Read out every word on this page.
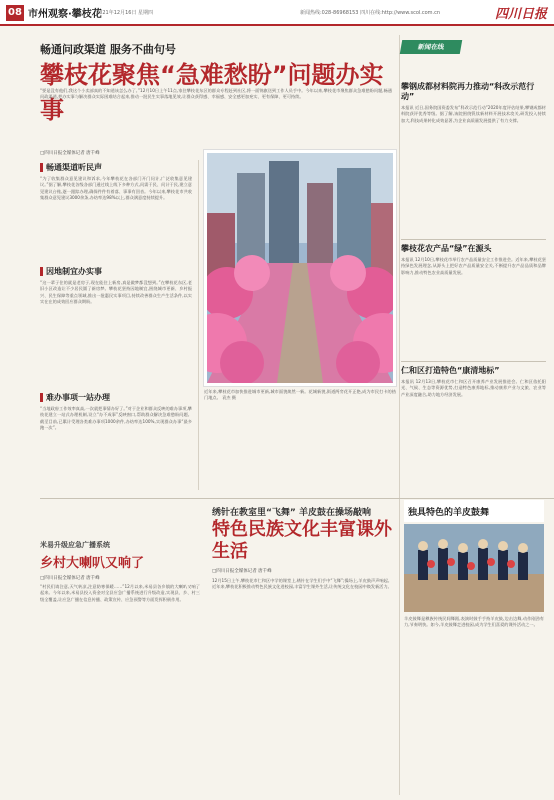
08 市州观察·攀枝花
2021年12月16日 星期四	新闻热线:028-86968153 四川在线:http://www.scol.com.cn	四川日报
畅通问政渠道 服务不曲句号
攀枝花聚焦“急难愁盼”问题办实事
“要是没有他们,我这个小卖部真的不知道该怎么办了。”12月10日上午11点,家住攀枝花东区的群众专程赶到社区,将一面锦旗送到工作人员手中。今年以来,攀枝花市聚焦群众急难愁盼问题,畅通问政渠道,把办实事与解决群众实际困难结合起来,推动一批民生实事落地见效,让群众获得感、幸福感、安全感更加充实、更有保障、更可持续。
□四川日报全媒体记者 唐千峰
畅通渠道听民声
“为了收集群众意见建议和诉求,今年攀枝花在各部门开门问计,广泛收集意见建议。”据了解,攀枝花各级各部门通过线上线下多种方式,问需于民、问计于民,建立意见建议台账,逐一跟踪办理,确保件件有着落、事事有回音。今年以来,攀枝花市共收集群众意见建议3000余条,办结率达98%以上,群众满意度持续提升。
因地制宜办实事
“这一辈子住的就是老房子,现在能住上新房,真是做梦都没想到。”在攀枝花东区,老旧小区改造让不少居民圆了新房梦。攀枝花坚持因地制宜,围绕城市更新、乡村振兴、民生保障等重点领域,推出一批惠民实事项目,持续改善群众生产生活条件,以实实在在的成效回应群众期盼。
难办事项一站办理
“当地政府工作效率真高,一次就把事情办好了。”对于企业和群众反映的难办事项,攀枝花建立一站式办理机制,设立“办不成事”反映窗口,帮助群众解决急难愁盼问题。截至目前,已累计受理各类难办事项1000余件,办结率达100%,实现群众办事“最多跑一次”。
近年来,攀枝花市加快推进城市更新,城市面貌焕然一新。花城新貌,街道两旁花开正艳,成为市民打卡的热门地点。 袁杰 摄
新闻在线
攀钢成都材料院再力推动“科改示范行动”
本报讯 近日,国务院国资委发布“科改示范行动”2020年度评估结果,攀钢成都材料院获评优秀等级。据了解,该院围绕钒钛新材料开展技术攻关,研发投入持续加大,科技成果转化成效显著,为企业高质量发展提供了有力支撑。
攀枝花农产品“绿”在源头
本报讯 12月10日,攀枝花市举行农产品质量安全工作推进会。近年来,攀枝花坚持绿色发展理念,从源头上把好农产品质量安全关,不断提升农产品品质和品牌影响力,推动特色农业高质量发展。
仁和区打造特色“康清地标”
本报讯 12月13日,攀枝花市仁和区召开康养产业发展推进会。仁和区依托阳光、气候、生态等资源优势,打造特色康养地标,推动康养产业与文旅、农业等产业深度融合,助力地方经济发展。
米易升级应急广播系统
乡村大喇叭又响了
□四川日报全媒体记者 唐千峰
“村民们请注意,天气转凉,注意防寒保暖……”12月以来,米易县各乡镇的大喇叭又响了起来。今年以来,米易县投入资金对全县应急广播系统进行升级改造,实现县、乡、村三级全覆盖,让应急广播在信息传播、政策宣传、应急预警等方面发挥积极作用。
绣针在教室里“飞舞” 羊皮鼓在操场敲响
特色民族文化丰富课外生活
□四川日报全媒体记者 唐千峰
12月15日上午,攀枝花市仁和区中学的课堂上,绣针在学生们手中“飞舞”;操场上,羊皮鼓声声响起。近年来,攀枝花积极推动特色民族文化进校园,丰富学生课外生活,让传统文化在校园中焕发新活力。
独具特色的羊皮鼓舞
羊皮鼓舞是彝族传统民间舞蹈,表演时鼓手手持羊皮鼓,边击边舞,动作刚劲有力,节奏明快。如今,羊皮鼓舞走进校园,成为学生们喜爱的课外活动之一。
